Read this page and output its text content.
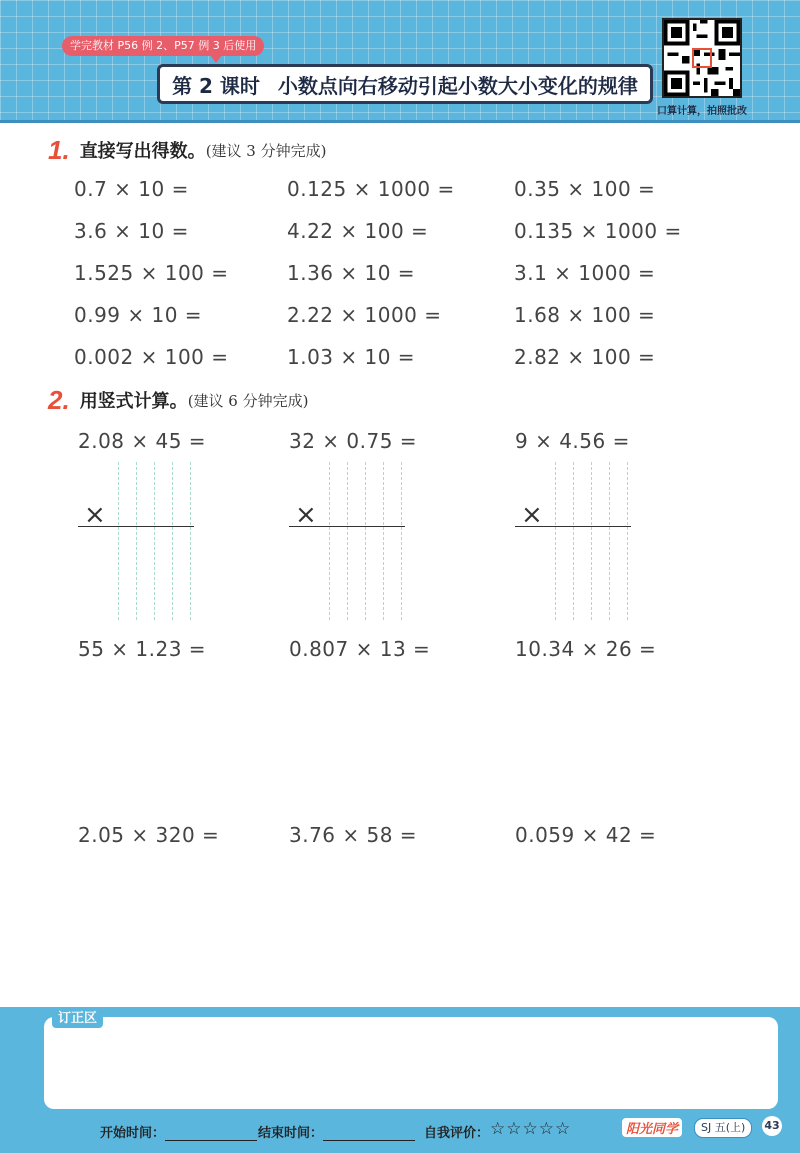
学完教材 P56 例 2、P57 例 3 后使用
第 2 课时 小数点向右移动引起小数大小变化的规律
口算计算，拍照批改
1. 直接写出得数。 (建议 3 分钟完成)
0.7 × 10 =	0.125 × 1000 =	0.35 × 100 =
3.6 × 10 =	4.22 × 100 =	0.135 × 1000 =
1.525 × 100 =	1.36 × 10 =	3.1 × 1000 =
0.99 × 10 =	2.22 × 1000 =	1.68 × 100 =
0.002 × 100 =	1.03 × 10 =	2.82 × 100 =
2. 用竖式计算。 (建议 6 分钟完成)
2.08 × 45 =	32 × 0.75 =	9 × 4.56 =
×	×	×
55 × 1.23 =	0.807 × 13 =	10.34 × 26 =
2.05 × 320 =	3.76 × 58 =	0.059 × 42 =
订正区
开始时间：	结束时间：	自我评价： ☆☆☆☆☆	阳光同学	SJ 五(上)	43
